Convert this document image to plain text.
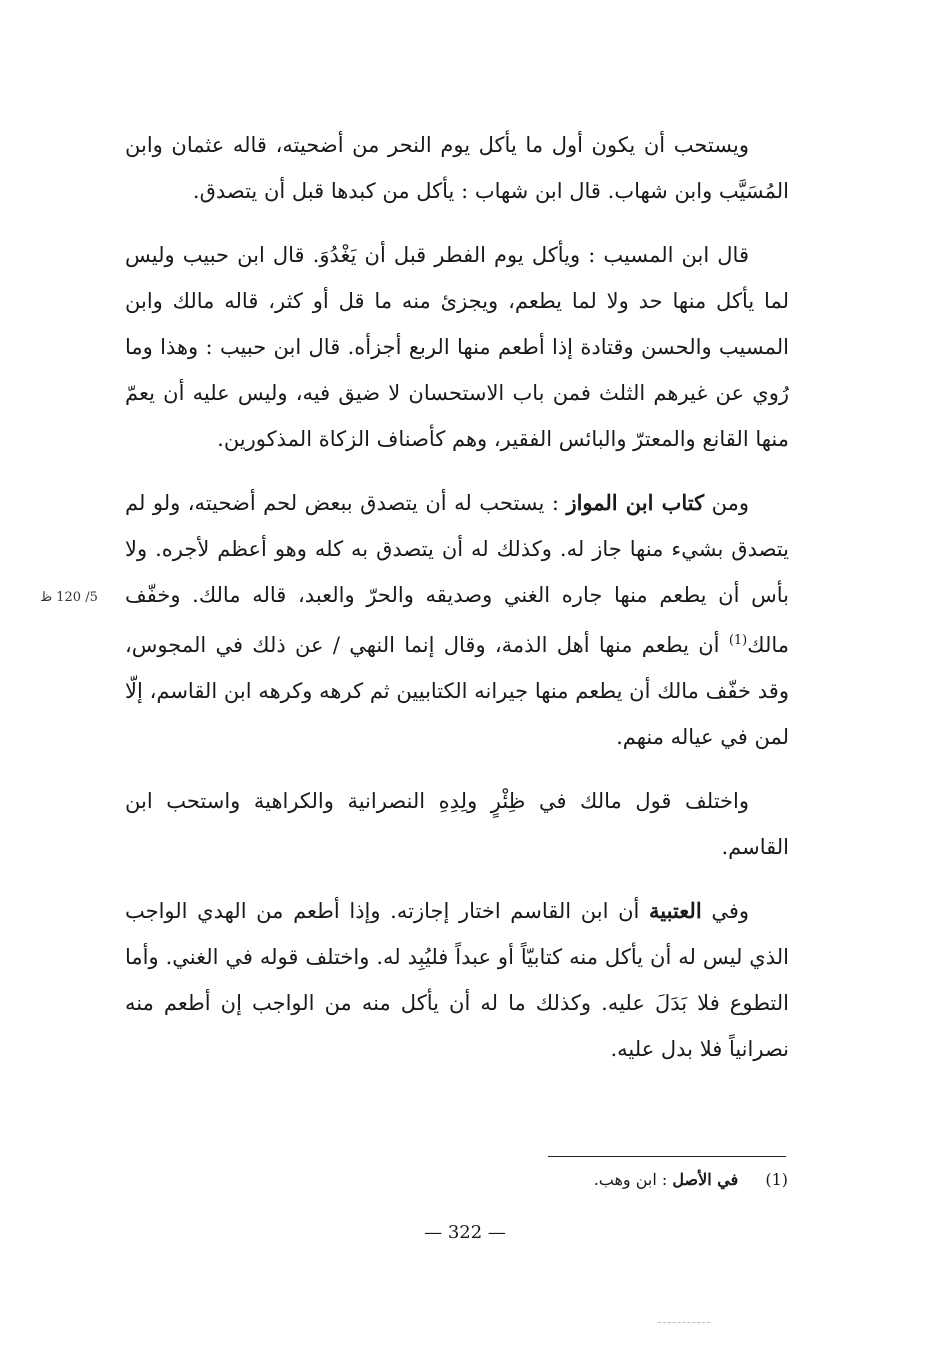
ويستحب أن يكون أول ما يأكل يوم النحر من أضحيته، قاله عثمان وابن المُسَيَّب وابن شهاب. قال ابن شهاب : يأكل من كبدها قبل أن يتصدق.

قال ابن المسيب : ويأكل يوم الفطر قبل أن يَغْدُوَ. قال ابن حبيب وليس لما يأكل منها حد ولا لما يطعم، ويجزئ منه ما قل أو كثر، قاله مالك وابن المسيب والحسن وقتادة إذا أطعم منها الربع أجزأه. قال ابن حبيب : وهذا وما رُوي عن غيرهم الثلث فمن باب الاستحسان لا ضيق فيه، وليس عليه أن يعمّ منها القانع والمعترّ والبائس الفقير، وهم كأصناف الزكاة المذكورين.

ومن كتاب ابن المواز : يستحب له أن يتصدق ببعض لحم أضحيته، ولو لم يتصدق بشيء منها جاز له. وكذلك له أن يتصدق به كله وهو أعظم لأجره. ولا بأس أن يطعم منها جاره الغني وصديقه والحرّ والعبد، قاله مالك. وخفّف مالك$^{(1)}$ أن يطعم منها أهل الذمة، وقال إنما النهي / عن ذلك في المجوس، وقد خفّف مالك أن يطعم منها جيرانه الكتابيين ثم كرهه وكرهه ابن القاسم، إلّا لمن في عياله منهم.

واختلف قول مالك في ظِئْرٍ ولِدِهِ النصرانية والكراهية واستحب ابن القاسم.

وفي العتبية أن ابن القاسم اختار إجازته. وإذا أطعم من الهدي الواجب الذي ليس له أن يأكل منه كتابيّاً أو عبداً فليُبِد له. واختلف قوله في الغني. وأما التطوع فلا بَدَلَ عليه. وكذلك ما له أن يأكل منه من الواجب إن أطعم منه نصرانياً فلا بدل عليه.

5/ 120 ظ
(1) في الأصل : ابن وهب.
— 322 —
